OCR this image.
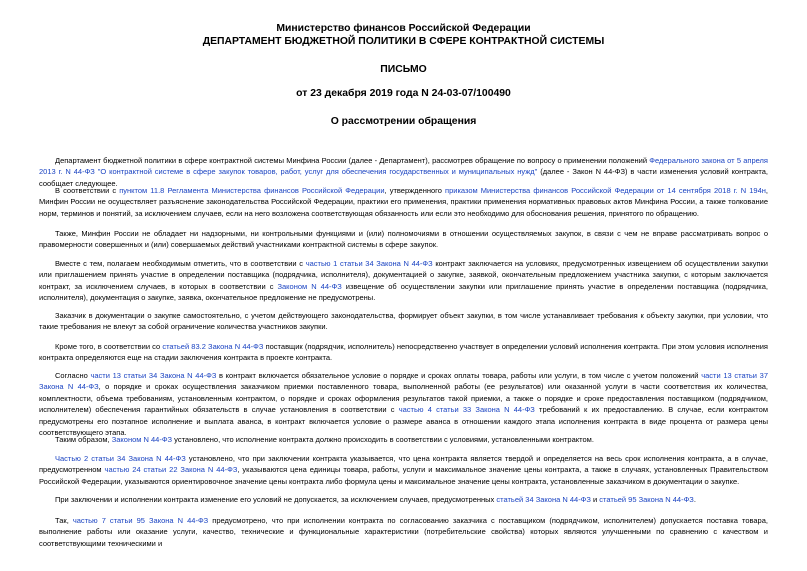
Министерство финансов Российской Федерации
ДЕПАРТАМЕНТ БЮДЖЕТНОЙ ПОЛИТИКИ В СФЕРЕ КОНТРАКТНОЙ СИСТЕМЫ
ПИСЬМО
от 23 декабря 2019 года N 24-03-07/100490
О рассмотрении обращения

Департамент бюджетной политики в сфере контрактной системы Минфина России (далее - Департамент), рассмотрев обращение по вопросу о применении положений Федерального закона от 5 апреля 2013 г. N 44-ФЗ "О контрактной системе в сфере закупок товаров, работ, услуг для обеспечения государственных и муниципальных нужд" (далее - Закон N 44-ФЗ) в части изменения условий контракта, сообщает следующее.

В соответствии с пунктом 11.8 Регламента Министерства финансов Российской Федерации, утвержденного приказом Министерства финансов Российской Федерации от 14 сентября 2018 г. N 194н, Минфин России не осуществляет разъяснение законодательства Российской Федерации, практики его применения, практики применения нормативных правовых актов Минфина России, а также толкование норм, терминов и понятий, за исключением случаев, если на него возложена соответствующая обязанность или если это необходимо для обоснования решения, принятого по обращению.

Также, Минфин России не обладает ни надзорными, ни контрольными функциями и (или) полномочиями в отношении осуществляемых закупок, в связи с чем не вправе рассматривать вопрос о правомерности совершенных и (или) совершаемых действий участниками контрактной системы в сфере закупок.

Вместе с тем, полагаем необходимым отметить, что в соответствии с частью 1 статьи 34 Закона N 44-ФЗ контракт заключается на условиях, предусмотренных извещением об осуществлении закупки или приглашением принять участие в определении поставщика (подрядчика, исполнителя), документацией о закупке, заявкой, окончательным предложением участника закупки, с которым заключается контракт, за исключением случаев, в которых в соответствии с Законом N 44-ФЗ извещение об осуществлении закупки или приглашение принять участие в определении поставщика (подрядчика, исполнителя), документация о закупке, заявка, окончательное предложение не предусмотрены.

Заказчик в документации о закупке самостоятельно, с учетом действующего законодательства, формирует объект закупки, в том числе устанавливает требования к объекту закупки, при условии, что такие требования не влекут за собой ограничение количества участников закупки.

Кроме того, в соответствии со статьей 83.2 Закона N 44-ФЗ поставщик (подрядчик, исполнитель) непосредственно участвует в определении условий исполнения контракта. При этом условия исполнения контракта определяются еще на стадии заключения контракта в проекте контракта.

Согласно части 13 статьи 34 Закона N 44-ФЗ в контракт включается обязательное условие о порядке и сроках оплаты товара, работы или услуги, в том числе с учетом положений части 13 статьи 37 Закона N 44-ФЗ, о порядке и сроках осуществления заказчиком приемки поставленного товара, выполненной работы (ее результатов) или оказанной услуги в части соответствия их количества, комплектности, объема требованиям, установленным контрактом, о порядке и сроках оформления результатов такой приемки, а также о порядке и сроке предоставления поставщиком (подрядчиком, исполнителем) обеспечения гарантийных обязательств в случае установления в соответствии с частью 4 статьи 33 Закона N 44-ФЗ требований к их предоставлению. В случае, если контрактом предусмотрены его поэтапное исполнение и выплата аванса, в контракт включается условие о размере аванса в отношении каждого этапа исполнения контракта в виде процента от размера цены соответствующего этапа.

Таким образом, Законом N 44-ФЗ установлено, что исполнение контракта должно происходить в соответствии с условиями, установленными контрактом.

Частью 2 статьи 34 Закона N 44-ФЗ установлено, что при заключении контракта указывается, что цена контракта является твердой и определяется на весь срок исполнения контракта, а в случае, предусмотренном частью 24 статьи 22 Закона N 44-ФЗ, указываются цена единицы товара, работы, услуги и максимальное значение цены контракта, а также в случаях, установленных Правительством Российской Федерации, указываются ориентировочное значение цены контракта либо формула цены и максимальное значение цены контракта, установленные заказчиком в документации о закупке.

При заключении и исполнении контракта изменение его условий не допускается, за исключением случаев, предусмотренных статьей 34 Закона N 44-ФЗ и статьей 95 Закона N 44-ФЗ.

Так, частью 7 статьи 95 Закона N 44-ФЗ предусмотрено, что при исполнении контракта по согласованию заказчика с поставщиком (подрядчиком, исполнителем) допускается поставка товара, выполнение работы или оказание услуги, качество, технические и функциональные характеристики (потребительские свойства) которых являются улучшенными по сравнению с качеством и соответствующими техническими и
